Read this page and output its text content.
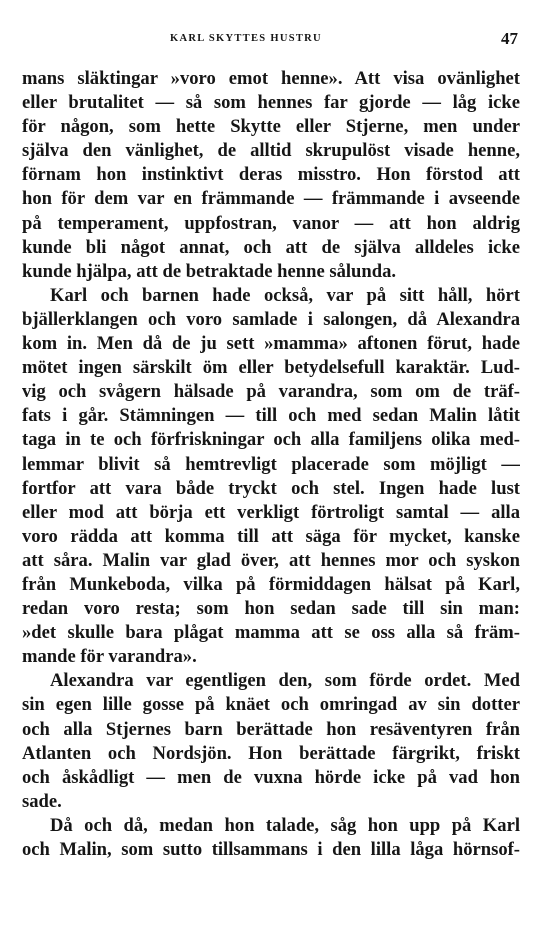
KARL SKYTTES HUSTRU	47
mans släktingar »voro emot henne». Att visa ovänlighet
eller brutalitet — så som hennes far gjorde — låg icke
för någon, som hette Skytte eller Stjerne, men under
själva den vänlighet, de alltid skrupulöst visade henne,
förnam hon instinktivt deras misstro. Hon förstod att
hon för dem var en främmande — främmande i avseende
på temperament, uppfostran, vanor — att hon aldrig
kunde bli något annat, och att de själva alldeles icke
kunde hjälpa, att de betraktade henne sålunda.
Karl och barnen hade också, var på sitt håll, hört
bjällerklangen och voro samlade i salongen, då Alexandra
kom in. Men då de ju sett »mamma» aftonen förut, hade
mötet ingen särskilt öm eller betydelsefull karaktär. Lud-
vig och svågern hälsade på varandra, som om de träf-
fats i går. Stämningen — till och med sedan Malin låtit
taga in te och förfriskningar och alla familjens olika med-
lemmar blivit så hemtrevligt placerade som möjligt —
fortfor att vara både tryckt och stel. Ingen hade lust
eller mod att börja ett verkligt förtroligt samtal — alla
voro rädda att komma till att säga för mycket, kanske
att såra. Malin var glad över, att hennes mor och syskon
från Munkeboda, vilka på förmiddagen hälsat på Karl,
redan voro resta; som hon sedan sade till sin man:
»det skulle bara plågat mamma att se oss alla så främ-
mande för varandra».
Alexandra var egentligen den, som förde ordet. Med
sin egen lille gosse på knäet och omringad av sin dotter
och alla Stjernes barn berättade hon resäventyren från
Atlanten och Nordsjön. Hon berättade färgrikt, friskt
och åskådligt — men de vuxna hörde icke på vad hon
sade.
Då och då, medan hon talade, såg hon upp på Karl
och Malin, som sutto tillsammans i den lilla låga hörnsof-
